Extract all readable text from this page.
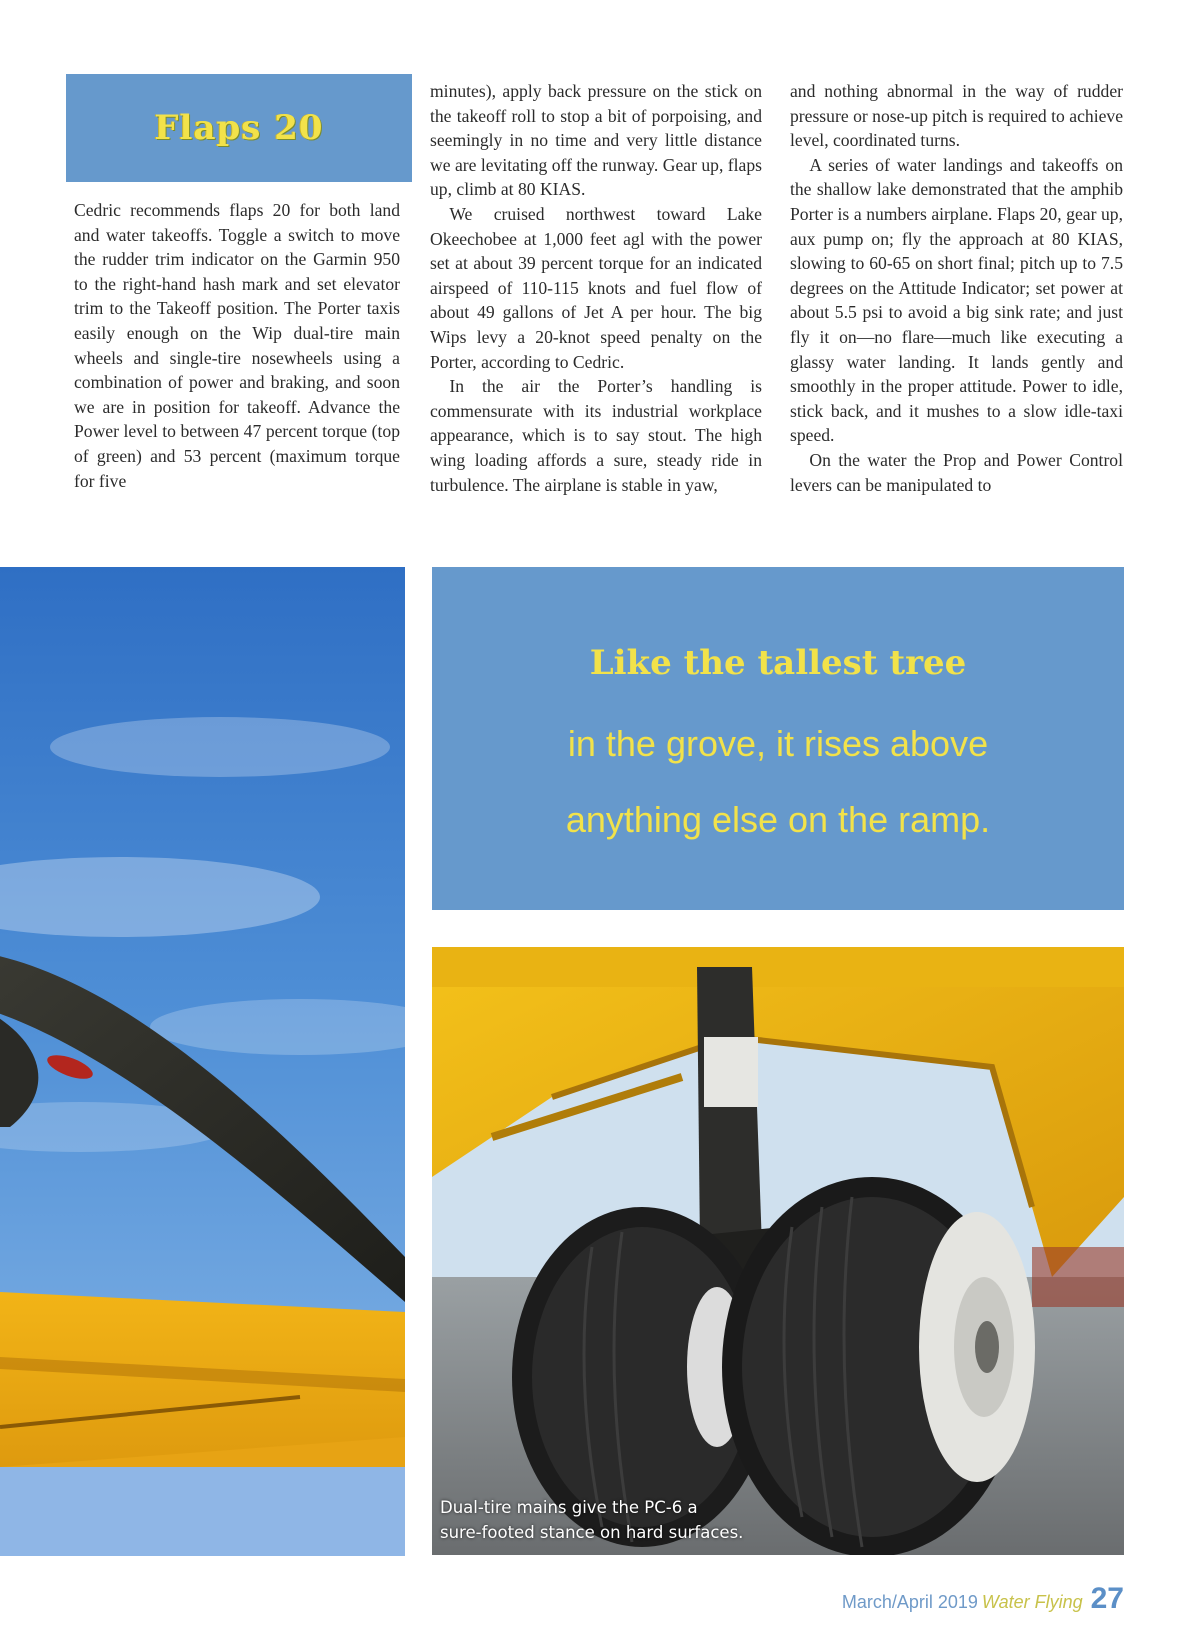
Flaps 20

Cedric recommends flaps 20 for both land and water takeoffs. Toggle a switch to move the rudder trim indicator on the Garmin 950 to the right-hand hash mark and set elevator trim to the Takeoff position. The Porter taxis easily enough on the Wip dual-tire main wheels and single-tire nosewheels using a combination of power and braking, and soon we are in position for takeoff. Advance the Power level to between 47 percent torque (top of green) and 53 percent (maximum torque for five

minutes), apply back pressure on the stick on the takeoff roll to stop a bit of porpoising, and seemingly in no time and very little distance we are levitating off the runway. Gear up, flaps up, climb at 80 KIAS.

We cruised northwest toward Lake Okeechobee at 1,000 feet agl with the power set at about 39 percent torque for an indicated airspeed of 110-115 knots and fuel flow of about 49 gallons of Jet A per hour. The big Wips levy a 20-knot speed penalty on the Porter, according to Cedric.

In the air the Porter’s handling is commensurate with its industrial workplace appearance, which is to say stout. The high wing loading affords a sure, steady ride in turbulence. The airplane is stable in yaw,

and nothing abnormal in the way of rudder pressure or nose-up pitch is required to achieve level, coordinated turns.

A series of water landings and takeoffs on the shallow lake demonstrated that the amphib Porter is a numbers airplane. Flaps 20, gear up, aux pump on; fly the approach at 80 KIAS, slowing to 60-65 on short final; pitch up to 7.5 degrees on the Attitude Indicator; set power at about 5.5 psi to avoid a big sink rate; and just fly it on—no flare—much like executing a glassy water landing. It lands gently and smoothly in the proper attitude. Power to idle, stick back, and it mushes to a slow idle-taxi speed.

On the water the Prop and Power Control levers can be manipulated to

Like the tallest tree
in the grove, it rises above
anything else on the ramp.
Dual-tire mains give the PC-6 a
sure-footed stance on hard surfaces.
March/April 2019 Water Flying 27
